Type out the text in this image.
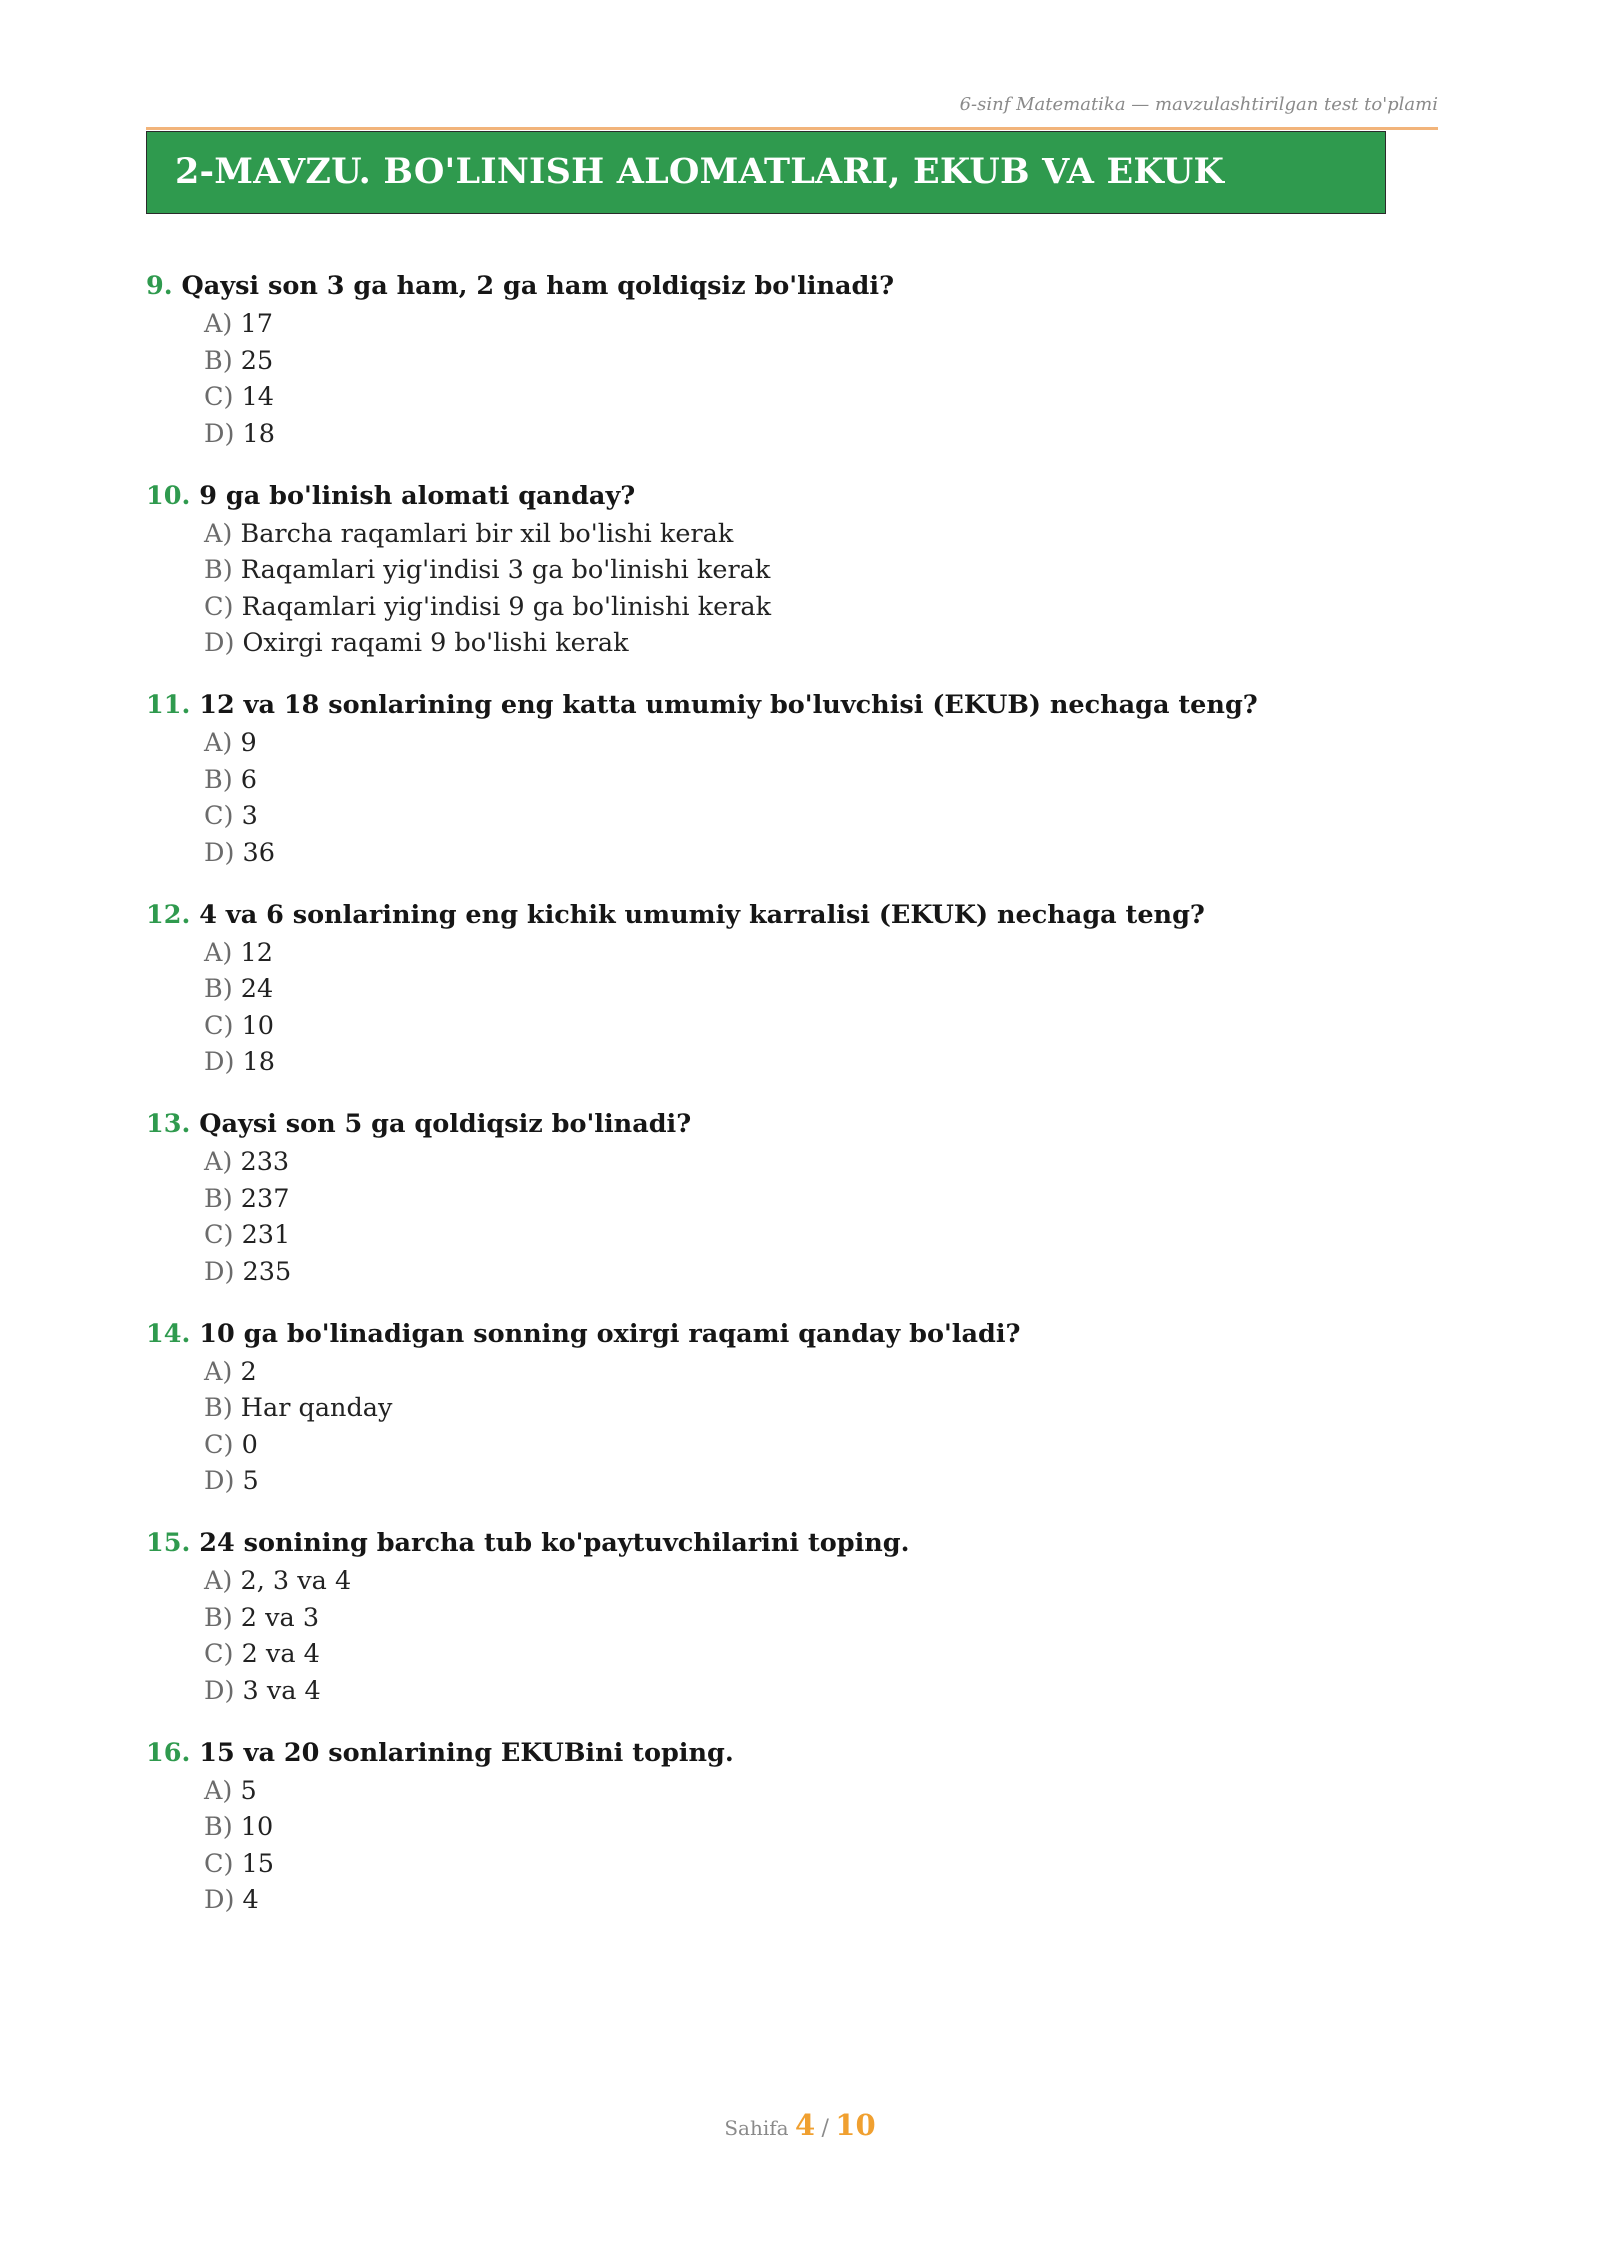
6-sinf Matematika — mavzulashtirilgan test to'plami
2-MAVZU. BO'LINISH ALOMATLARI, EKUB VA EKUK
9. Qaysi son 3 ga ham, 2 ga ham qoldiqsiz bo'linadi?
A) 17
B) 25
C) 14
D) 18
10. 9 ga bo'linish alomati qanday?
A) Barcha raqamlari bir xil bo'lishi kerak
B) Raqamlari yig'indisi 3 ga bo'linishi kerak
C) Raqamlari yig'indisi 9 ga bo'linishi kerak
D) Oxirgi raqami 9 bo'lishi kerak
11. 12 va 18 sonlarining eng katta umumiy bo'luvchisi (EKUB) nechaga teng?
A) 9
B) 6
C) 3
D) 36
12. 4 va 6 sonlarining eng kichik umumiy karralisi (EKUK) nechaga teng?
A) 12
B) 24
C) 10
D) 18
13. Qaysi son 5 ga qoldiqsiz bo'linadi?
A) 233
B) 237
C) 231
D) 235
14. 10 ga bo'linadigan sonning oxirgi raqami qanday bo'ladi?
A) 2
B) Har qanday
C) 0
D) 5
15. 24 sonining barcha tub ko'paytuvchilarini toping.
A) 2, 3 va 4
B) 2 va 3
C) 2 va 4
D) 3 va 4
16. 15 va 20 sonlarining EKUBini toping.
A) 5
B) 10
C) 15
D) 4
Sahifa 4 / 10
